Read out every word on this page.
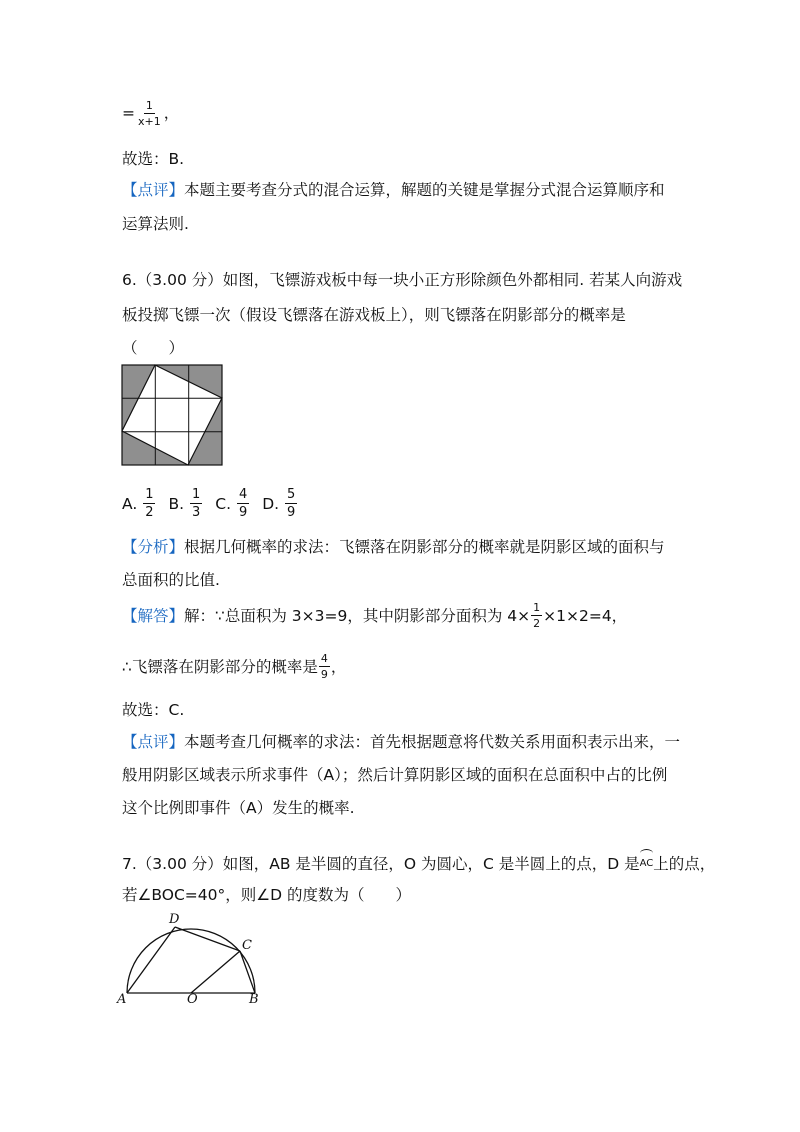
= $\frac{1}{x+1}$ ，
故选：B.
【点评】本题主要考查分式的混合运算，解题的关键是掌握分式混合运算顺序和
运算法则.
6.（3.00 分）如图，飞镖游戏板中每一块小正方形除颜色外都相同. 若某人向游戏
板投掷飞镖一次（假设飞镖落在游戏板上），则飞镖落在阴影部分的概率是
（　　）
A.
$\frac{1}{2} B$.
$\frac{1}{3} C$.
$\frac{4}{9} D$.
$\frac{5}{9}$
【分析】根据几何概率的求法：飞镖落在阴影部分的概率就是阴影区域的面积与
总面积的比值.
【解答】 解：∵总面积为 3×3=9，其中阴影部分面积为 $4\times \frac{1}{2} \times 1\times 2=4$，
∴飞镖落在阴影部分的概率是 $\frac{4}{9}$ ，
故选：C.
【点评】本题考查几何概率的求法：首先根据题意将代数关系用面积表示出来，一
般用阴影区域表示所求事件（A）；然后计算阴影区域的面积在总面积中占的比例
这个比例即事件（A）发生的概率.
7.（3.00 分）如图，AB 是半圆的直径，O 为圆心，C 是半圆上的点，D 是 AC 上的点，
若∠BOC=40°，则∠D 的度数为（　　）
A	O	B
C
D
